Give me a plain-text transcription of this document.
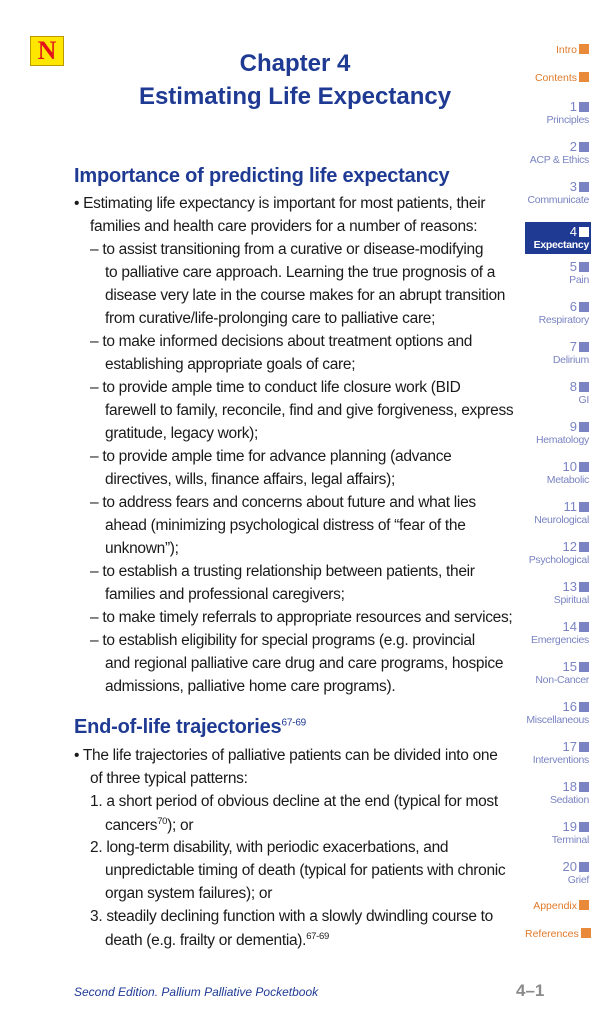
N	Chapter 4
Estimating Life Expectancy
Importance of predicting life expectancy
• Estimating life expectancy is important for most patients, their
families and health care providers for a number of reasons:
– to assist transitioning from a curative or disease-modifying
to palliative care approach. Learning the true prognosis of a
disease very late in the course makes for an abrupt transition
from curative/life-prolonging care to palliative care;
– to make informed decisions about treatment options and
establishing appropriate goals of care;
– to provide ample time to conduct life closure work (BID
farewell to family, reconcile, find and give forgiveness, express
gratitude, legacy work);
– to provide ample time for advance planning (advance
directives, wills, finance affairs, legal affairs);
– to address fears and concerns about future and what lies
ahead (minimizing psychological distress of “fear of the
unknown”);
– to establish a trusting relationship between patients, their
families and professional caregivers;
– to make timely referrals to appropriate resources and services;
– to establish eligibility for special programs (e.g. provincial
and regional palliative care drug and care programs, hospice
admissions, palliative home care programs).
End-of-life trajectories$^{67-69}$
• The life trajectories of palliative patients can be divided into one
of three typical patterns:
1. a short period of obvious decline at the end (typical for most
cancers$^{70}$); or
2. long-term disability, with periodic exacerbations, and
unpredictable timing of death (typical for patients with chronic
organ system failures); or
3. steadily declining function with a slowly dwindling course to
death (e.g. frailty or dementia).$^{67-69}$
Second Edition. Pallium Palliative Pocketbook	4–1
Intro
Contents
1
Principles
2
ACP & Ethics
3
Communicate
4
Expectancy
5
Pain
6
Respiratory
7
Delirium
8
GI
9
Hematology
10
Metabolic
11
Neurological
12
Psychological
13
Spiritual
14
Emergencies
15
Non-Cancer
16
Miscellaneous
17
Interventions
18
Sedation
19
Terminal
20
Grief
Appendix
References
